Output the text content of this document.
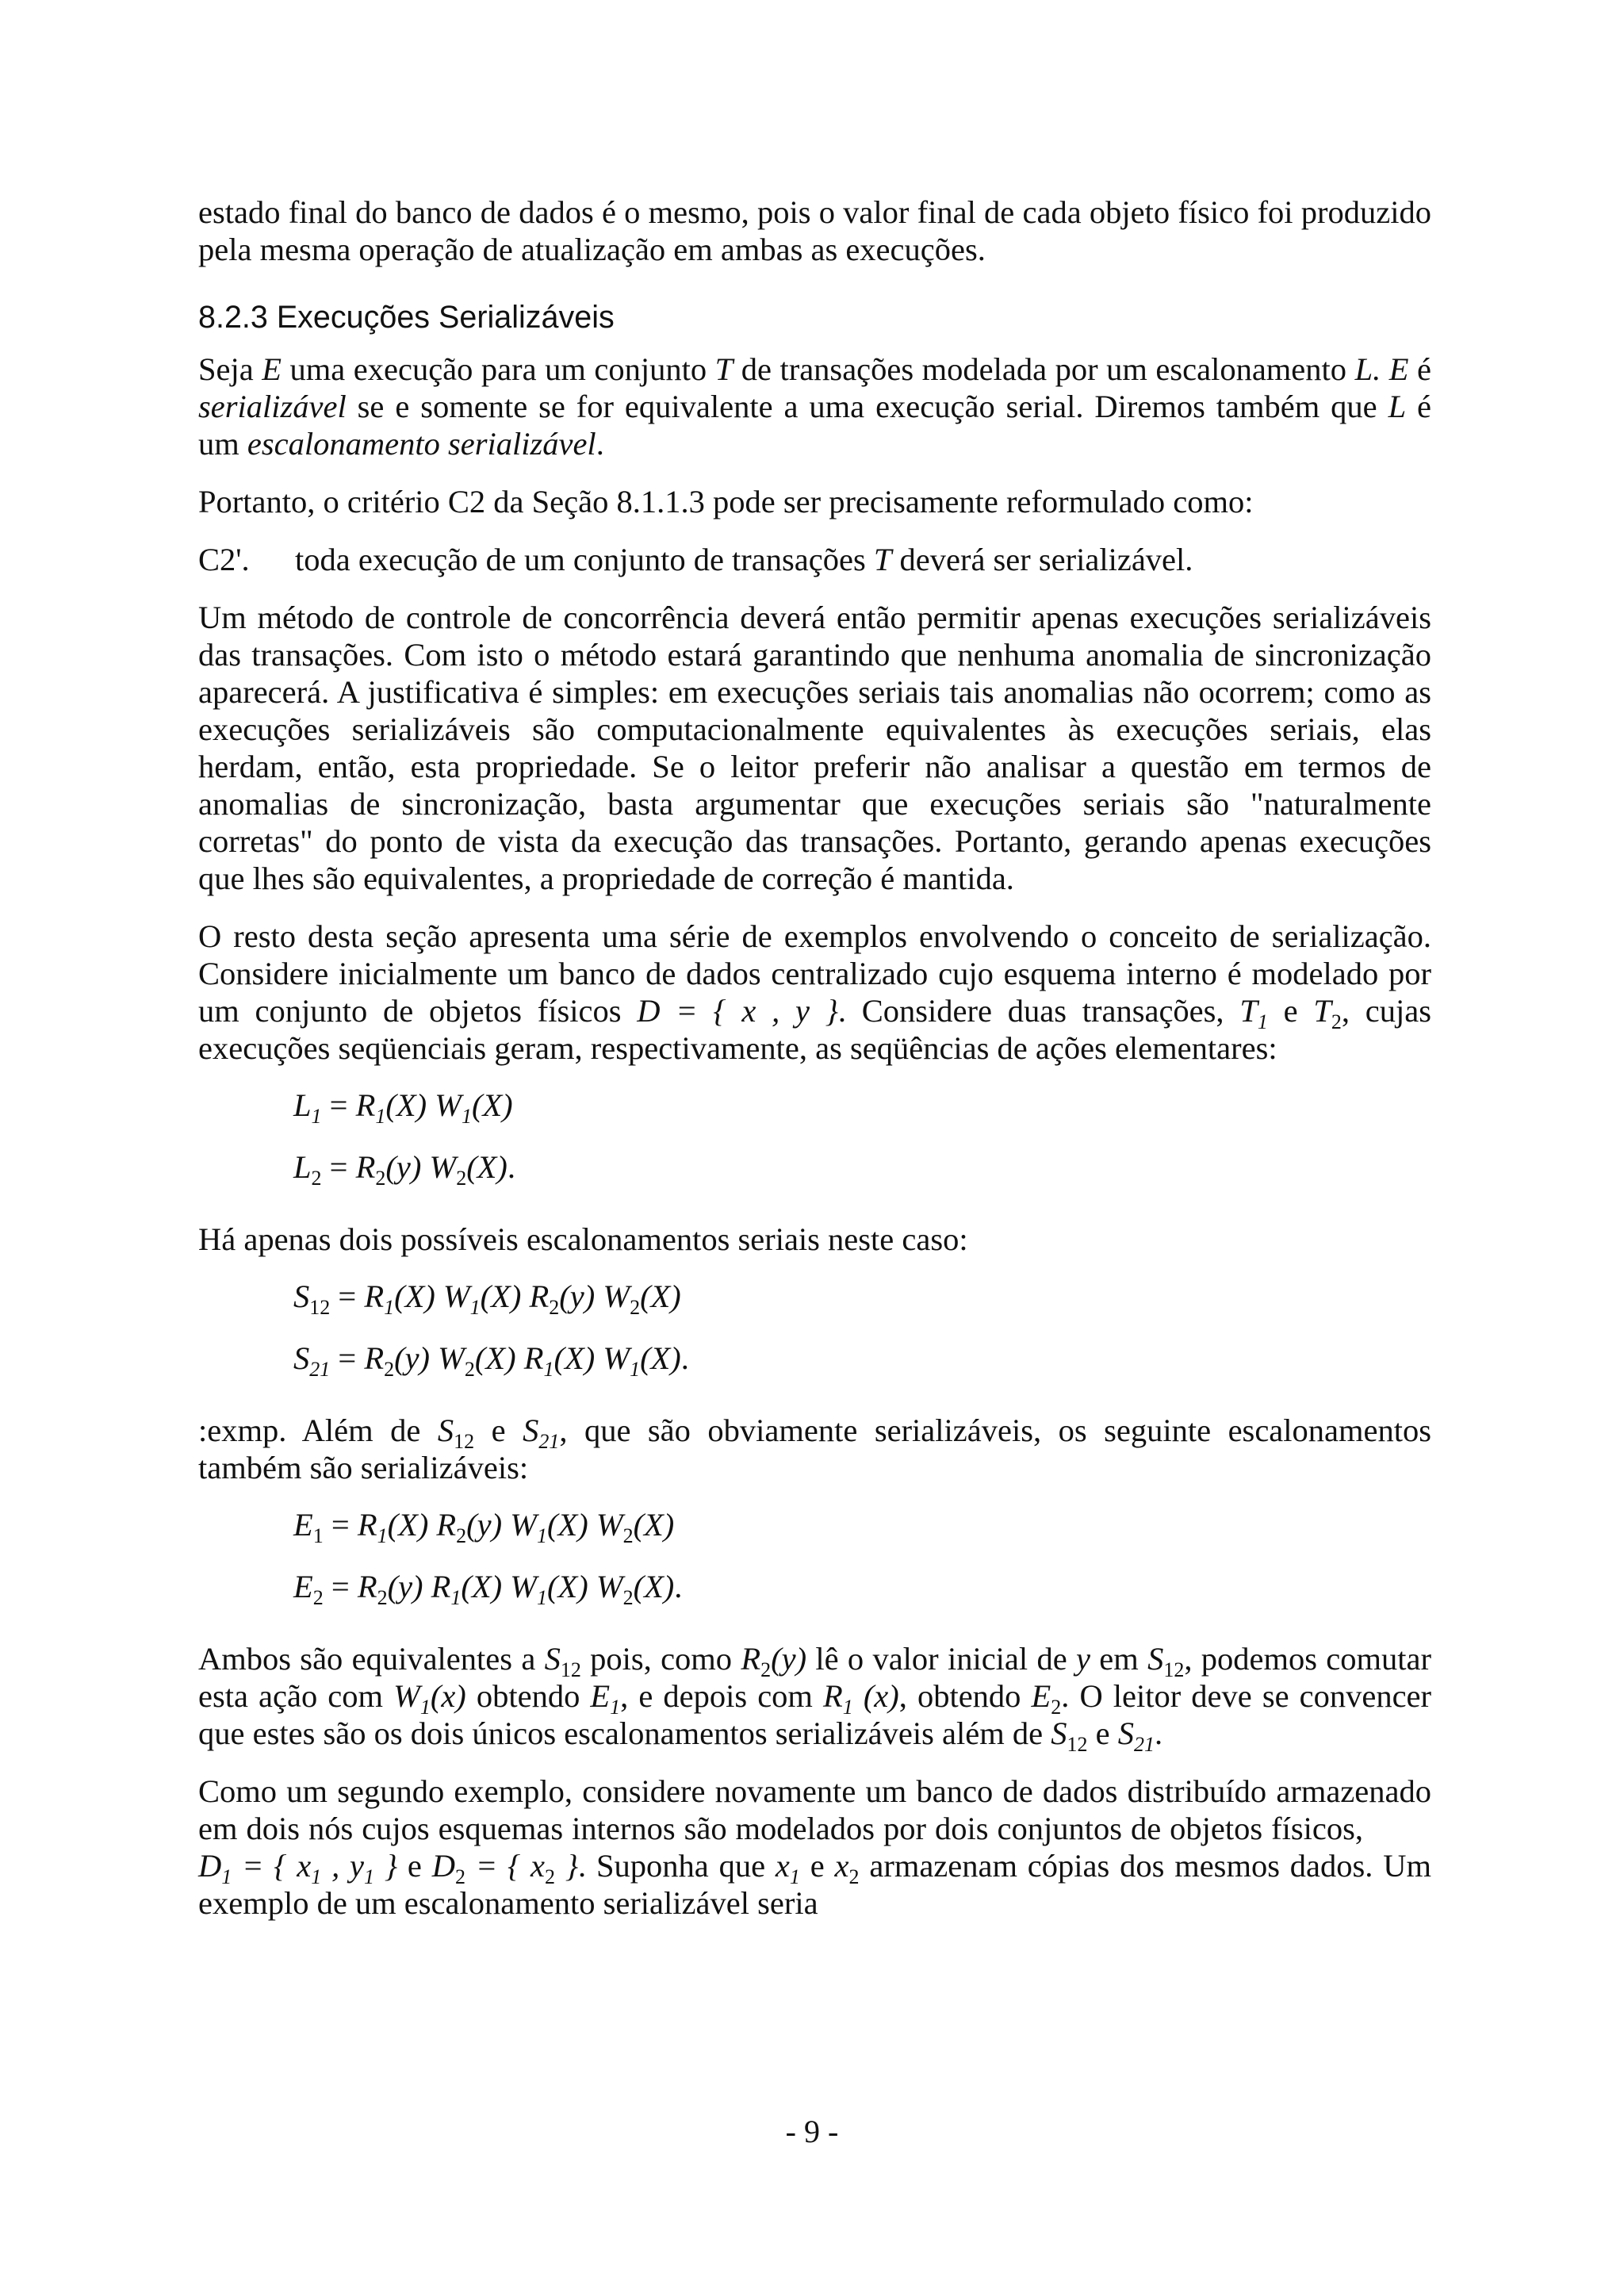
estado final do banco de dados é o mesmo, pois o valor final de cada objeto físico foi produzido pela mesma operação de atualização em ambas as execuções.

8.2.3 Execuções Serializáveis

Seja E uma execução para um conjunto T de transações modelada por um escalonamento L. E é serializável se e somente se for equivalente a uma execução serial. Diremos também que L é um escalonamento serializável.

Portanto, o critério C2 da Seção 8.1.1.3 pode ser precisamente reformulado como:

C2'.	toda execução de um conjunto de transações T deverá ser serializável.

Um método de controle de concorrência deverá então permitir apenas execuções serializáveis das transações. Com isto o método estará garantindo que nenhuma anomalia de sincronização aparecerá. A justificativa é simples: em execuções seriais tais anomalias não ocorrem; como as execuções serializáveis são computacionalmente equivalentes às execuções seriais, elas herdam, então, esta propriedade. Se o leitor preferir não analisar a questão em termos de anomalias de sincronização, basta argumentar que execuções seriais são "naturalmente corretas" do ponto de vista da execução das transações. Portanto, gerando apenas execuções que lhes são equivalentes, a propriedade de correção é mantida.

O resto desta seção apresenta uma série de exemplos envolvendo o conceito de serialização. Considere inicialmente um banco de dados centralizado cujo esquema interno é modelado por um conjunto de objetos físicos D = { x , y }. Considere duas transações, $T_1$ e $T_2$, cujas execuções seqüenciais geram, respectivamente, as seqüências de ações elementares:

$L_1 = R_1(X)$ $W_1(X)$

$L_2 = R_2(y)$ $W_2(X)$.

Há apenas dois possíveis escalonamentos seriais neste caso:

$S_{12} = R_1(X)$ $W_1(X)$ $R_2(y)$ $W_2(X)$

$S_{21} = R_2(y)$ $W_2(X)$ $R_1(X)$ $W_1(X)$.

:exmp. Além de $S_{12}$ e $S_{21}$, que são obviamente serializáveis, os seguinte escalonamentos também são serializáveis:

$E_1 = R_1(X)$ $R_2(y)$ $W_1(X)$ $W_2(X)$

$E_2 = R_2(y)$ $R_1(X)$ $W_1(X)$ $W_2(X)$.

Ambos são equivalentes a $S_{12}$ pois, como $R_2(y)$ lê o valor inicial de y em $S_{12}$, podemos comutar esta ação com $W_1(x)$ obtendo $E_1$, e depois com $R_1$ (x), obtendo $E_2$. O leitor deve se convencer que estes são os dois únicos escalonamentos serializáveis além de $S_{12}$ e $S_{21}$.

Como um segundo exemplo, considere novamente um banco de dados distribuído armazenado em dois nós cujos esquemas internos são modelados por dois conjuntos de objetos $físicos,D_1$ = { $x_1$ , $y_1$ } e $D_2$ = { $x_2$ }. Suponha que $x_1$ e $x_2$ armazenam cópias dos mesmos dados. Um exemplo de um escalonamento serializável seria

- 9 -
